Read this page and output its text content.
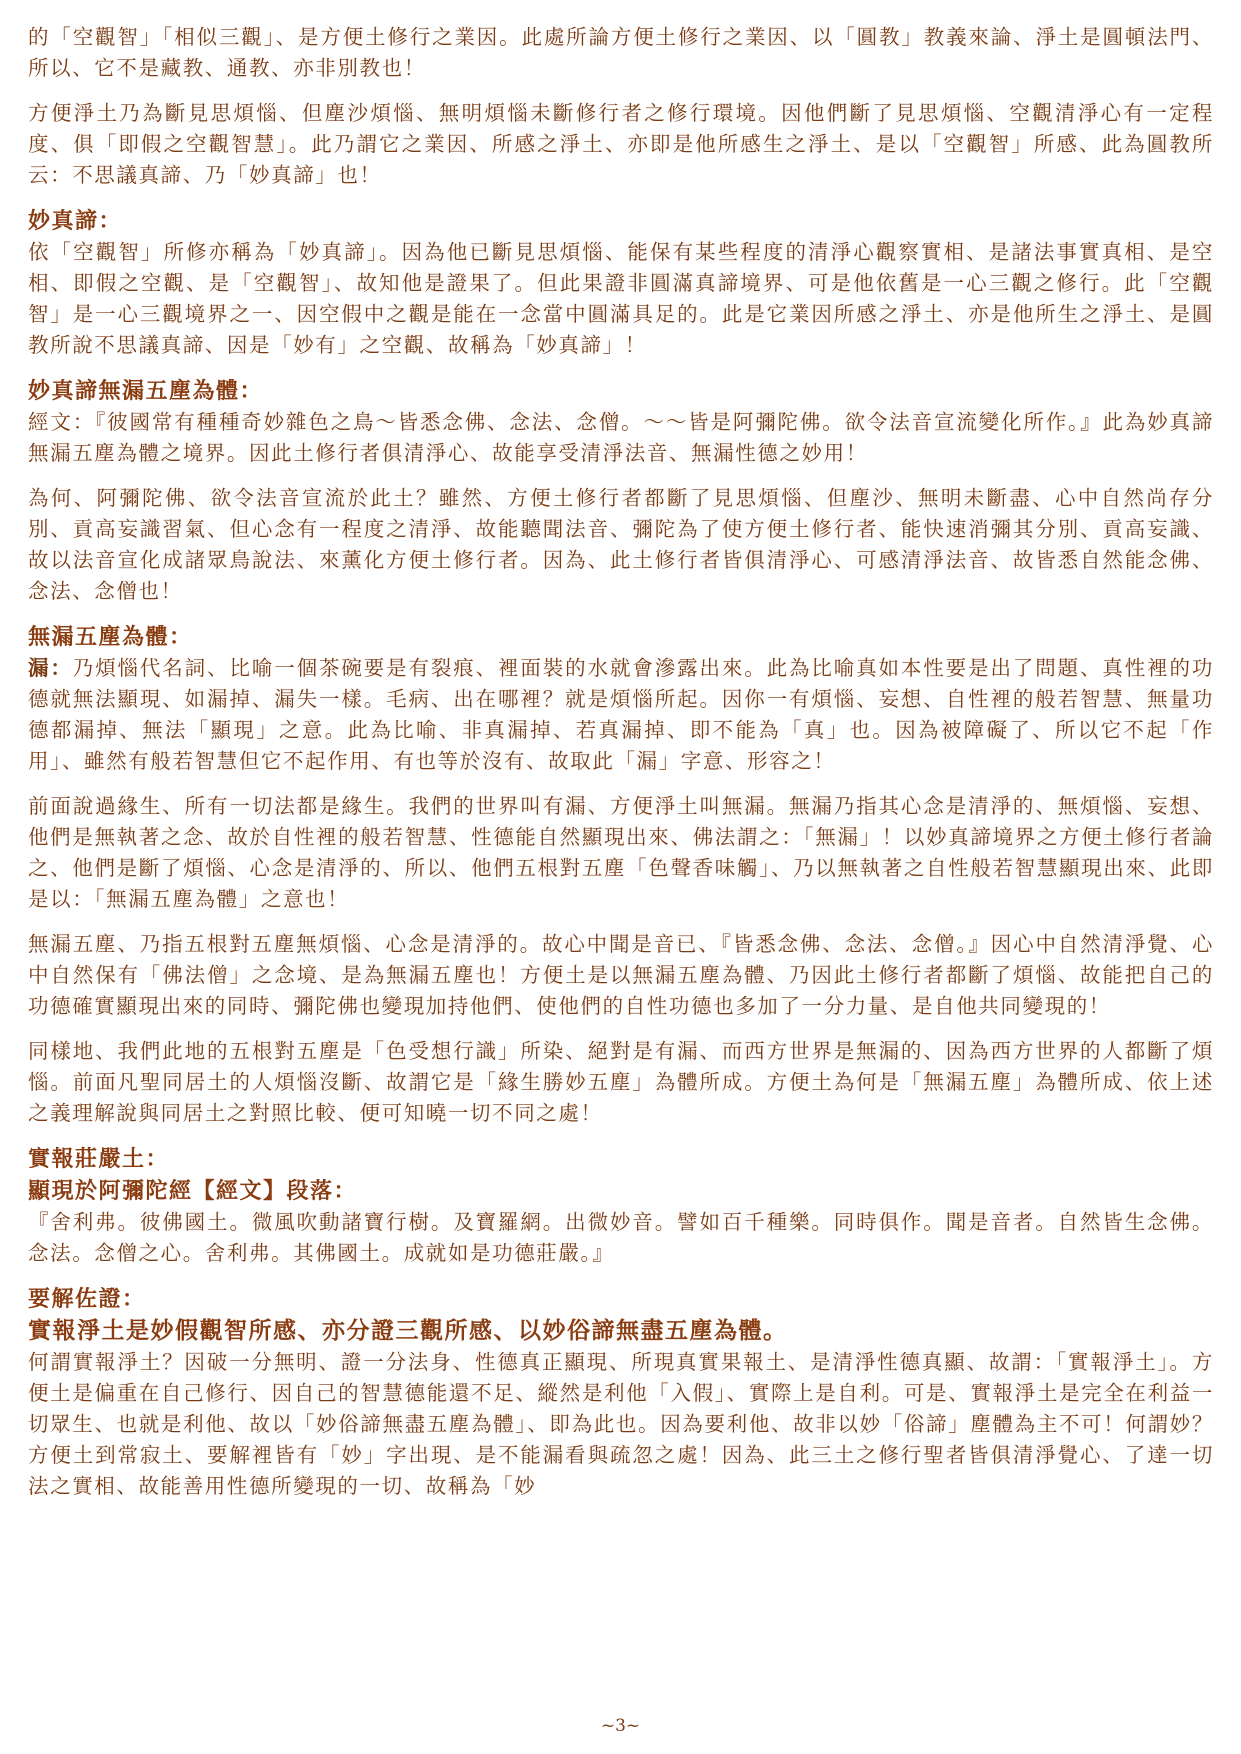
的「空觀智」「相似三觀」、是方便土修行之業因。此處所論方便土修行之業因、以「圓教」教義來論、淨土是圓頓法門、所以、它不是藏教、通教、亦非別教也！

方便淨土乃為斷見思煩惱、但塵沙煩惱、無明煩惱未斷修行者之修行環境。因他們斷了見思煩惱、空觀清淨心有一定程度、俱「即假之空觀智慧」。此乃謂它之業因、所感之淨土、亦即是他所感生之淨土、是以「空觀智」所感、此為圓教所云：不思議真諦、乃「妙真諦」也！

妙真諦：

依「空觀智」所修亦稱為「妙真諦」。因為他已斷見思煩惱、能保有某些程度的清淨心觀察實相、是諸法事實真相、是空相、即假之空觀、是「空觀智」、故知他是證果了。但此果證非圓滿真諦境界、可是他依舊是一心三觀之修行。此「空觀智」是一心三觀境界之一、因空假中之觀是能在一念當中圓滿具足的。此是它業因所感之淨土、亦是他所生之淨土、是圓教所說不思議真諦、因是「妙有」之空觀、故稱為「妙真諦」！

妙真諦無漏五塵為體：

經文：『彼國常有種種奇妙雜色之鳥～皆悉念佛、念法、念僧。～～皆是阿彌陀佛。欲令法音宣流變化所作。』此為妙真諦無漏五塵為體之境界。因此土修行者俱清淨心、故能享受清淨法音、無漏性德之妙用！

為何、阿彌陀佛、欲令法音宣流於此土？雖然、方便土修行者都斷了見思煩惱、但塵沙、無明未斷盡、心中自然尚存分別、貢高妄識習氣、但心念有一程度之清淨、故能聽聞法音、彌陀為了使方便土修行者、能快速消彌其分別、貢高妄識、故以法音宣化成諸眾鳥說法、來薰化方便土修行者。因為、此土修行者皆俱清淨心、可感清淨法音、故皆悉自然能念佛、念法、念僧也！

無漏五塵為體：

漏：乃煩惱代名詞、比喻一個茶碗要是有裂痕、裡面裝的水就會滲露出來。此為比喻真如本性要是出了問題、真性裡的功德就無法顯現、如漏掉、漏失一樣。毛病、出在哪裡？就是煩惱所起。因你一有煩惱、妄想、自性裡的般若智慧、無量功德都漏掉、無法「顯現」之意。此為比喻、非真漏掉、若真漏掉、即不能為「真」也。因為被障礙了、所以它不起「作用」、雖然有般若智慧但它不起作用、有也等於沒有、故取此「漏」字意、形容之！

前面說過緣生、所有一切法都是緣生。我們的世界叫有漏、方便淨土叫無漏。無漏乃指其心念是清淨的、無煩惱、妄想、他們是無執著之念、故於自性裡的般若智慧、性德能自然顯現出來、佛法謂之：「無漏」！以妙真諦境界之方便土修行者論之、他們是斷了煩惱、心念是清淨的、所以、他們五根對五塵「色聲香味觸」、乃以無執著之自性般若智慧顯現出來、此即是以：「無漏五塵為體」之意也！

無漏五塵、乃指五根對五塵無煩惱、心念是清淨的。故心中聞是音已、『皆悉念佛、念法、念僧。』因心中自然清淨覺、心中自然保有「佛法僧」之念境、是為無漏五塵也！方便土是以無漏五塵為體、乃因此土修行者都斷了煩惱、故能把自己的功德確實顯現出來的同時、彌陀佛也變現加持他們、使他們的自性功德也多加了一分力量、是自他共同變現的！

同樣地、我們此地的五根對五塵是「色受想行識」所染、絕對是有漏、而西方世界是無漏的、因為西方世界的人都斷了煩惱。前面凡聖同居土的人煩惱沒斷、故謂它是「緣生勝妙五塵」為體所成。方便土為何是「無漏五塵」為體所成、依上述之義理解說與同居土之對照比較、便可知曉一切不同之處！

實報莊嚴土：
顯現於阿彌陀經【經文】段落：

『舍利弗。彼佛國土。微風吹動諸寶行樹。及寶羅網。出微妙音。譬如百千種樂。同時俱作。聞是音者。自然皆生念佛。念法。念僧之心。舍利弗。其佛國土。成就如是功德莊嚴。』

要解佐證：
實報淨土是妙假觀智所感、亦分證三觀所感、以妙俗諦無盡五塵為體。

何謂實報淨土？因破一分無明、證一分法身、性德真正顯現、所現真實果報土、是清淨性德真顯、故謂：「實報淨土」。方便土是偏重在自己修行、因自己的智慧德能還不足、縱然是利他「入假」、實際上是自利。可是、實報淨土是完全在利益一切眾生、也就是利他、故以「妙俗諦無盡五塵為體」、即為此也。因為要利他、故非以妙「俗諦」塵體為主不可！何謂妙？方便土到常寂土、要解裡皆有「妙」字出現、是不能漏看與疏忽之處！因為、此三土之修行聖者皆俱清淨覺心、了達一切法之實相、故能善用性德所變現的一切、故稱為「妙

~3~
